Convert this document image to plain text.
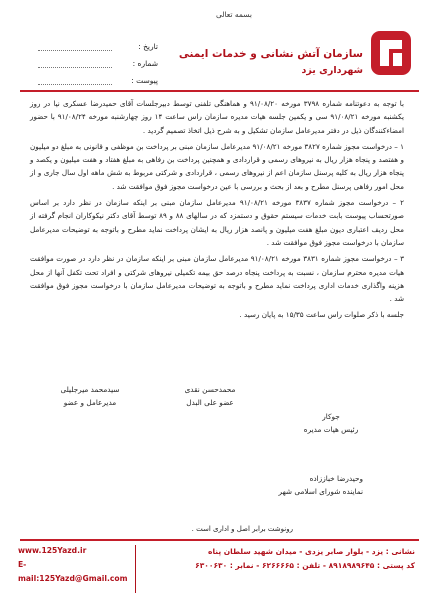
بسمه تعالی
تاریخ :
شماره :
پیوست :
سازمان آتش نشانی و خدمات ایمنی
شهرداری یزد

با توجه به دعوتنامه شماره ۳۷۹۸ مورخه ۹۱/۰۸/۲۰ و هماهنگی تلفنی توسط دبیرجلسات آقای حمیدرضا عسکری نیا در روز یکشنبه مورخه ۹۱/۰۸/۲۱ سی و یکمین جلسه هیات مدیره سازمان راس ساعت ۱۴ روز چهارشنبه مورخه ۹۱/۰۸/۲۴ با حضور امضاءکنندگان ذیل در دفتر مدیرعامل سازمان تشکیل و به شرح ذیل اتخاذ تصمیم گردید .

۱ – درخواست مجوز شماره ۳۸۲۷ مورخه ۹۱/۰۸/۲۱ مدیرعامل سازمان مبنی بر پرداخت بن موظفی و قانونی به مبلغ دو میلیون و هفتصد و پنجاه هزار ریال به نیروهای رسمی و قراردادی و همچنین پرداخت بن رفاهی به مبلغ هفتاد و هفت میلیون و یکصد و پنجاه هزار ریال به کلیه پرسنل سازمان اعم از نیروهای رسمی ، قراردادی و شرکتی مربوط به شش ماهه اول سال جاری و از محل امور رفاهی پرسنل مطرح و بعد از بحث و بررسی با عین درخواست مجوز فوق موافقت شد .

۲ – درخواست مجوز شماره ۳۸۳۷ مورخه ۹۱/۰۸/۲۱ مدیرعامل سازمان مبنی بر اینکه سازمان در نظر دارد بر اساس صورتحساب پیوست بابت خدمات سیستم حقوق و دستمزد که در سالهای ۸۸ و ۸۹ توسط آقای دکتر نیکوکاران انجام گرفته از محل ردیف اعتباری دیون مبلغ هفت میلیون و پانصد هزار ریال به ایشان پرداخت نماید مطرح و باتوجه به توضیحات مدیرعامل سازمان با درخواست مجوز فوق موافقت شد .

۳ – درخواست مجوز شماره ۳۸۳۱ مورخه ۹۱/۰۸/۲۱ مدیرعامل سازمان مبنی بر اینکه سازمان در نظر دارد در صورت موافقت هیات مدیره محترم سازمان ، نسبت به پرداخت پنجاه درصد حق بیمه تکمیلی نیروهای شرکتی و افراد تحت تکفل آنها از محل هزینه واگذاری خدمات اداری پرداخت نماید مطرح و باتوجه به توضیحات مدیرعامل سازمان با درخواست مجوز فوق موافقت شد .

جلسه با ذکر صلوات راس ساعت ۱۵/۳۵ به پایان رسید .

جوکار
رئیس هیات مدیره
محمدحسن نقدی
عضو علی البدل
سیدمحمد میرجلیلی
مدیرعامل و عضو
وحیدرضا خباززاده
نماینده شورای اسلامی شهر
رونوشت برابر اصل و اداری است .
www.125Yazd.ir
E-mail:125Yazd@Gmail.com
نشانی : یزد - بلوار صابر یزدی - میدان شهید سلطان پناه
کد پستی : ۸۹۱۸۹۸۹۶۴۵ - تلفن : ۶۲۶۶۶۶۵ - نمابر : ۶۳۰۰۶۳۰
